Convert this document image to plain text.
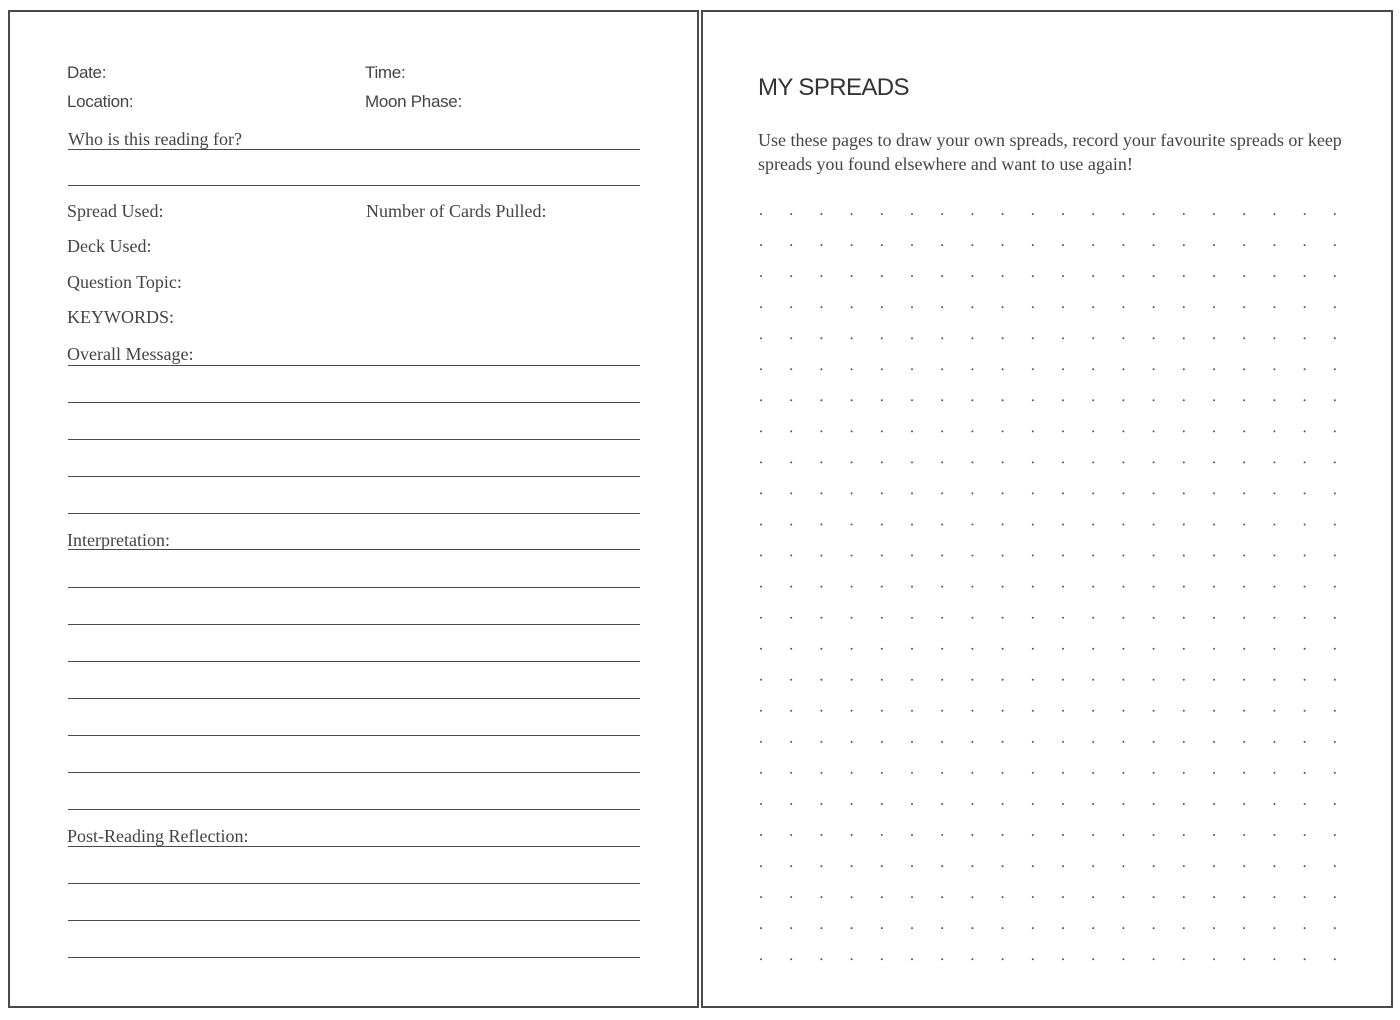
Date:	Time:
Location:	Moon Phase:
Who is this reading for?
Spread Used:	Number of Cards Pulled:
Deck Used:
Question Topic:
KEYWORDS:
Overall Message:
Interpretation:
Post-Reading Reflection:
MY SPREADS
Use these pages to draw your own spreads, record your favourite spreads or keep spreads you found elsewhere and want to use again!
